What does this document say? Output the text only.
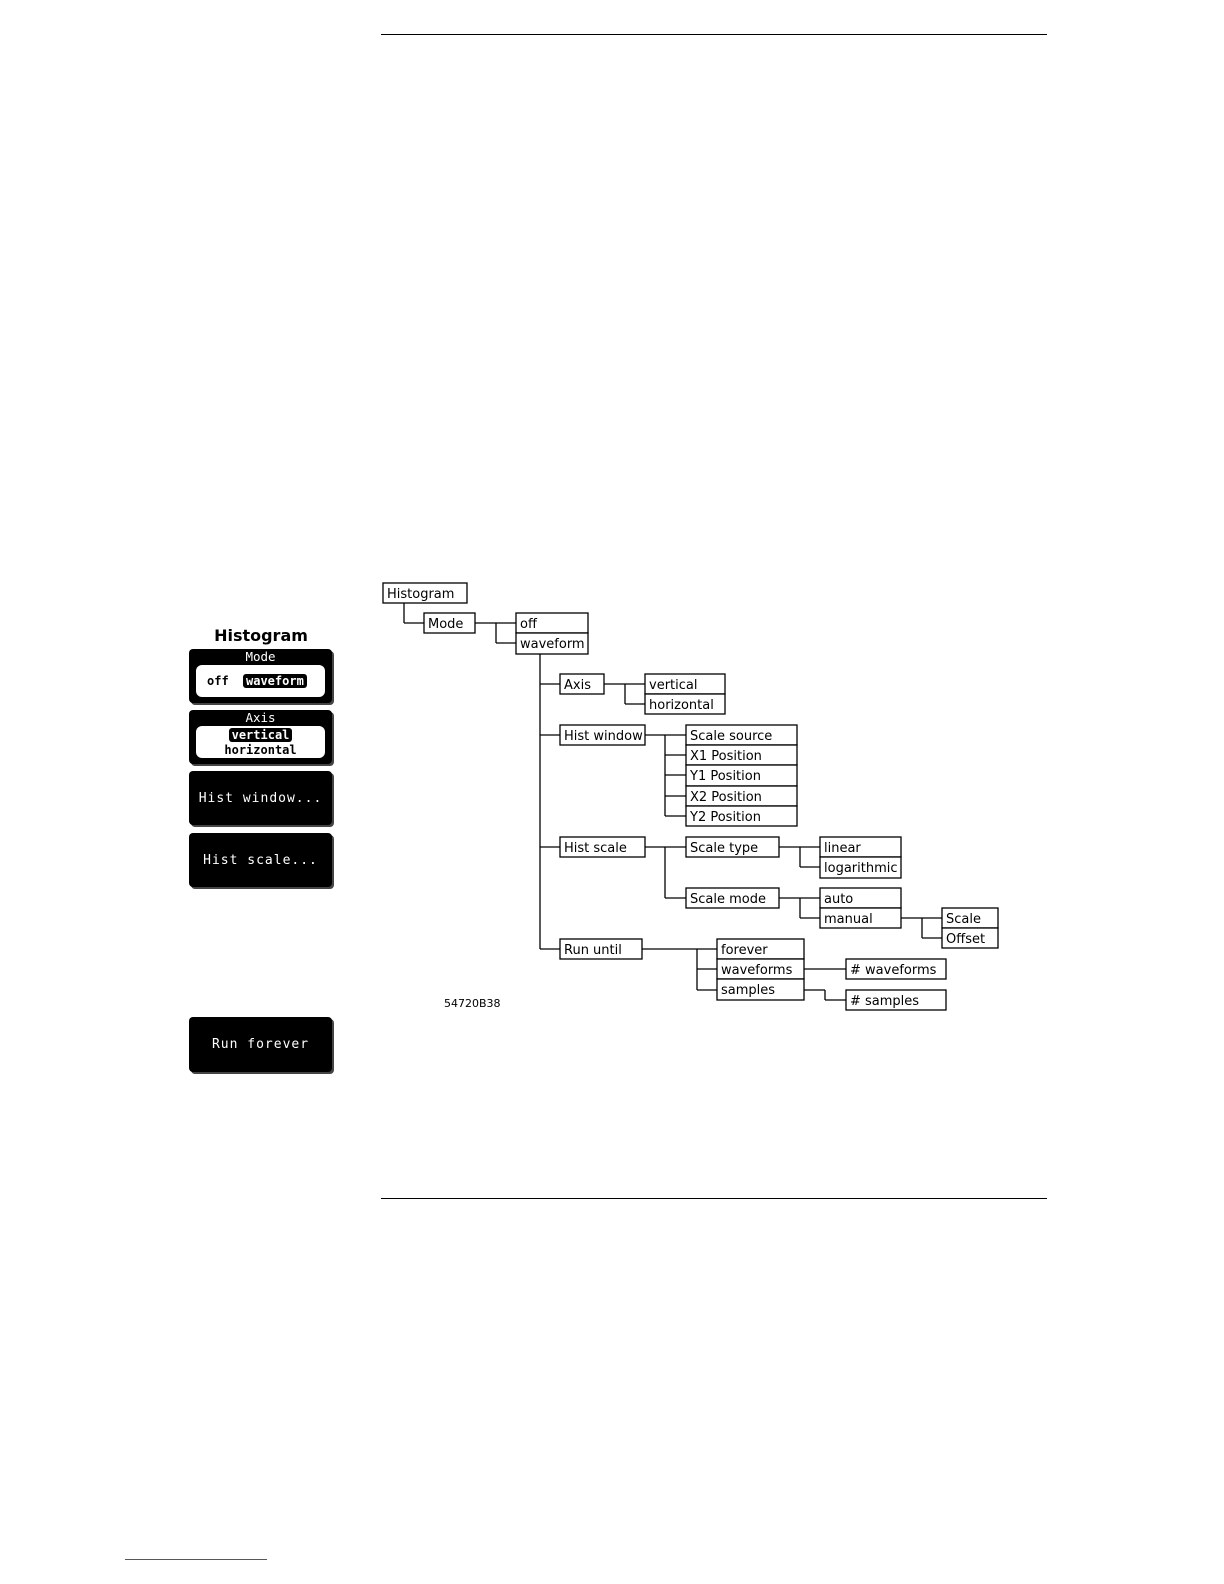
Histogram
Mode
off waveform
Axis
vertical
horizontal
Hist window...
Hist scale...
Run forever
Histogram
Mode	off
waveform
Axis	vertical
horizontal
Hist window	Scale source
X1 Position
Y1 Position
X2 Position
Y2 Position
Hist scale	Scale type	linear
logarithmic
Scale mode	auto
manual	Scale
Offset
Run until	forever
waveforms
samples
# waveforms
# samples
54720B38
